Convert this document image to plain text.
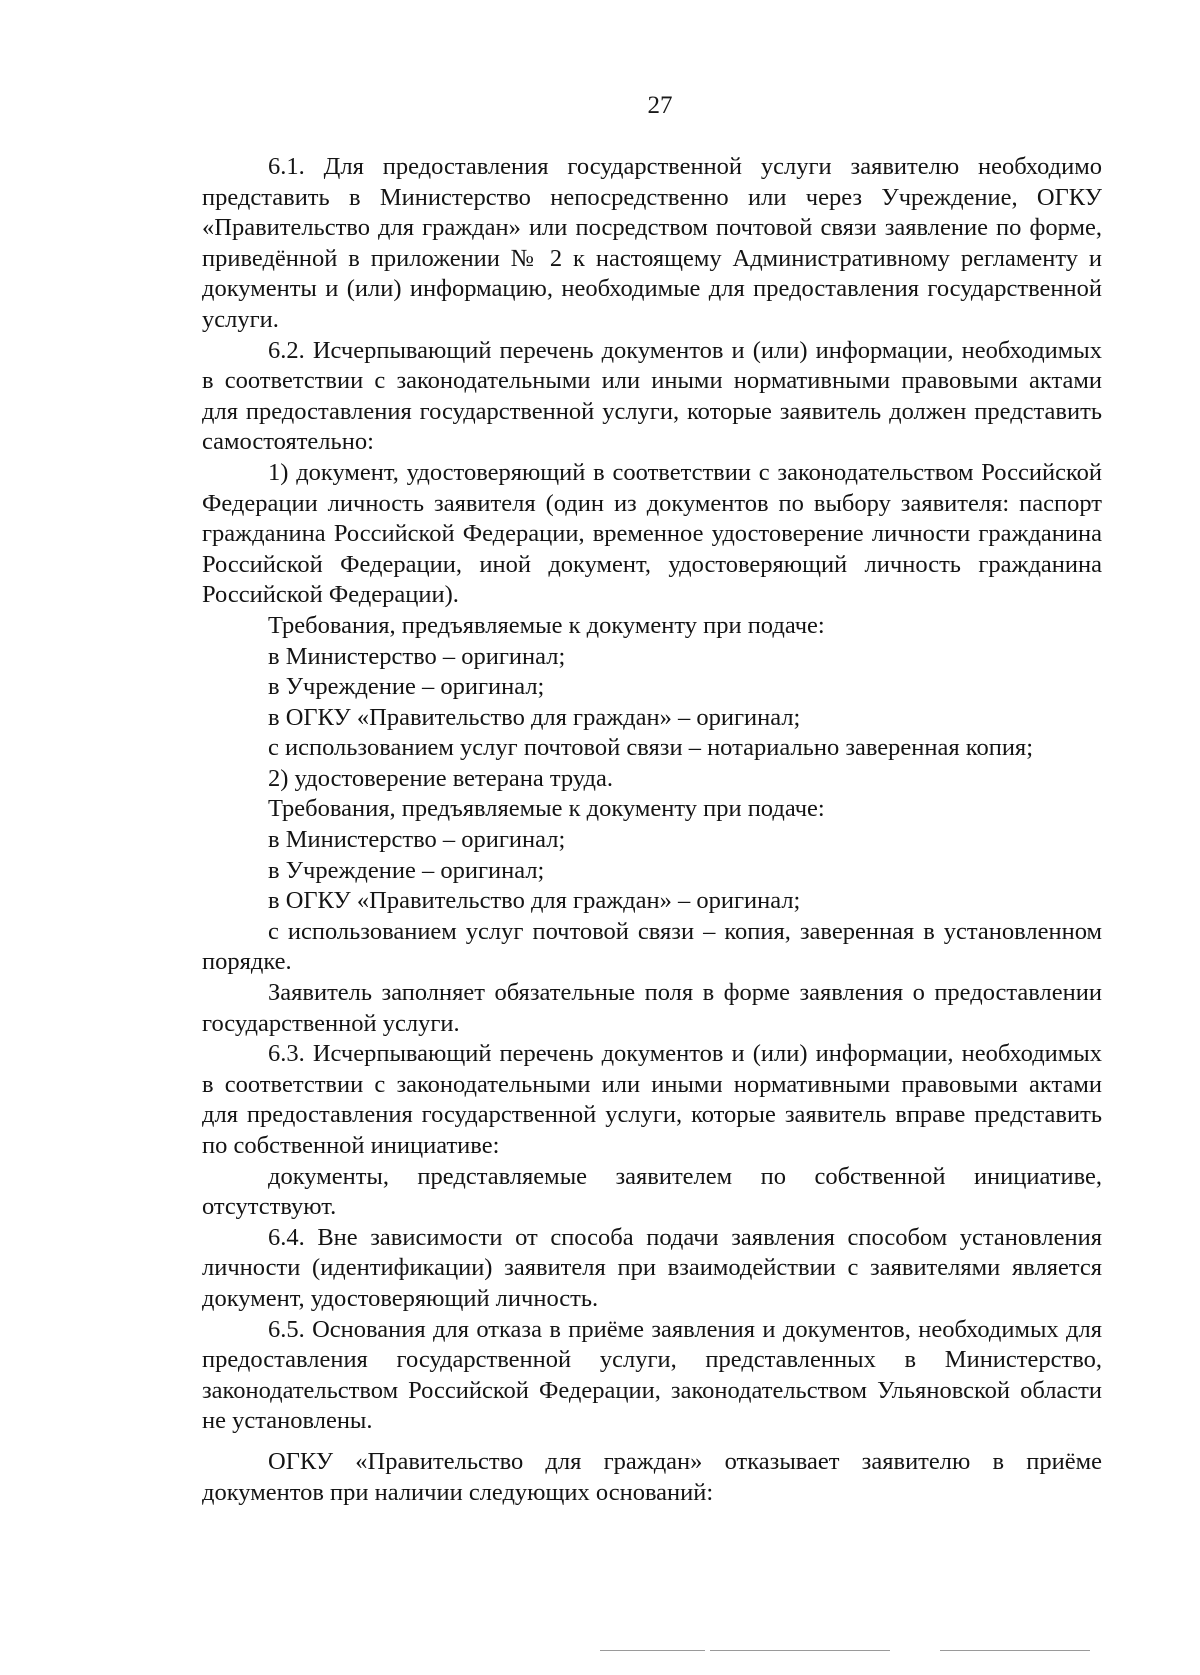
27

6.1. Для предоставления государственной услуги заявителю необходимо представить в Министерство непосредственно или через Учреждение, ОГКУ «Правительство для граждан» или посредством почтовой связи заявление по форме, приведённой в приложении № 2 к настоящему Административному регламенту и документы и (или) информацию, необходимые для предоставления государственной услуги.

6.2. Исчерпывающий перечень документов и (или) информации, необходимых в соответствии с законодательными или иными нормативными правовыми актами для предоставления государственной услуги, которые заявитель должен представить самостоятельно:

1) документ, удостоверяющий в соответствии с законодательством Российской Федерации личность заявителя (один из документов по выбору заявителя: паспорт гражданина Российской Федерации, временное удостоверение личности гражданина Российской Федерации, иной документ, удостоверяющий личность гражданина Российской Федерации).

Требования, предъявляемые к документу при подаче:

в Министерство – оригинал;

в Учреждение – оригинал;

в ОГКУ «Правительство для граждан» – оригинал;

с использованием услуг почтовой связи – нотариально заверенная копия;

2) удостоверение ветерана труда.

Требования, предъявляемые к документу при подаче:

в Министерство – оригинал;

в Учреждение – оригинал;

в ОГКУ «Правительство для граждан» – оригинал;

с использованием услуг почтовой связи – копия, заверенная в установленном порядке.

Заявитель заполняет обязательные поля в форме заявления о предоставлении государственной услуги.

6.3. Исчерпывающий перечень документов и (или) информации, необходимых в соответствии с законодательными или иными нормативными правовыми актами для предоставления государственной услуги, которые заявитель вправе представить по собственной инициативе:

документы, представляемые заявителем по собственной инициативе, отсутствуют.

6.4. Вне зависимости от способа подачи заявления способом установления личности (идентификации) заявителя при взаимодействии с заявителями является документ, удостоверяющий личность.

6.5. Основания для отказа в приёме заявления и документов, необходимых для предоставления государственной услуги, представленных в Министерство, законодательством Российской Федерации, законодательством Ульяновской области не установлены.

ОГКУ «Правительство для граждан» отказывает заявителю в приёме документов при наличии следующих оснований:
